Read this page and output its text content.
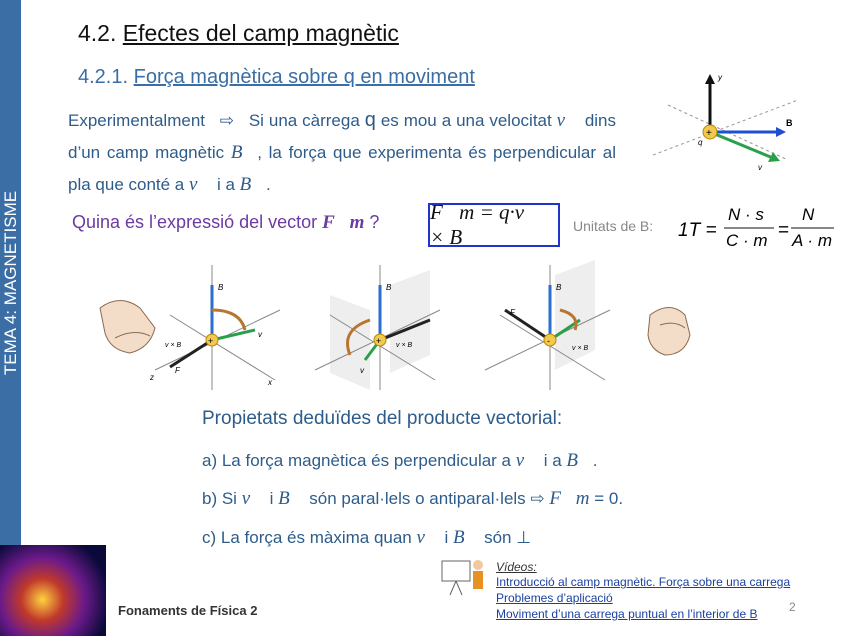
TEMA 4: MAGNETISME
4.2. Efectes del camp magnètic
4.2.1. Força magnètica sobre q en moviment
Experimentalment ⇨ Si una càrrega q es mou a una velocitat v⃗ dins d’un camp magnètic B⃗, la força que experimenta és perpendicular al pla que conté a v⃗ i a B⃗.
+
B
y
q
v
Quina és l’expressió del vector F⃗m ? F⃗m = q·v⃗ × B⃗	Unitats de B: 1T =
N · s
C · m =
N
A · m
+
B
v
v × B
F
z
x
+
B
v × B
v
-
B
F
v × B
Propietats deduïdes del producte vectorial:
a) La força magnètica és perpendicular a v⃗ i a B⃗.
b) Si v⃗ i B⃗ són paral·lels o antiparal·lels ⇨ F⃗m = 0.
c) La força és màxima quan v⃗ i B⃗ són ⊥
Vídeos:
Introducció al camp magnètic. Força sobre una carrega
Problemes d’aplicació
Moviment d’una carrega puntual en l’interior de B
Fonaments de Física 2	2
